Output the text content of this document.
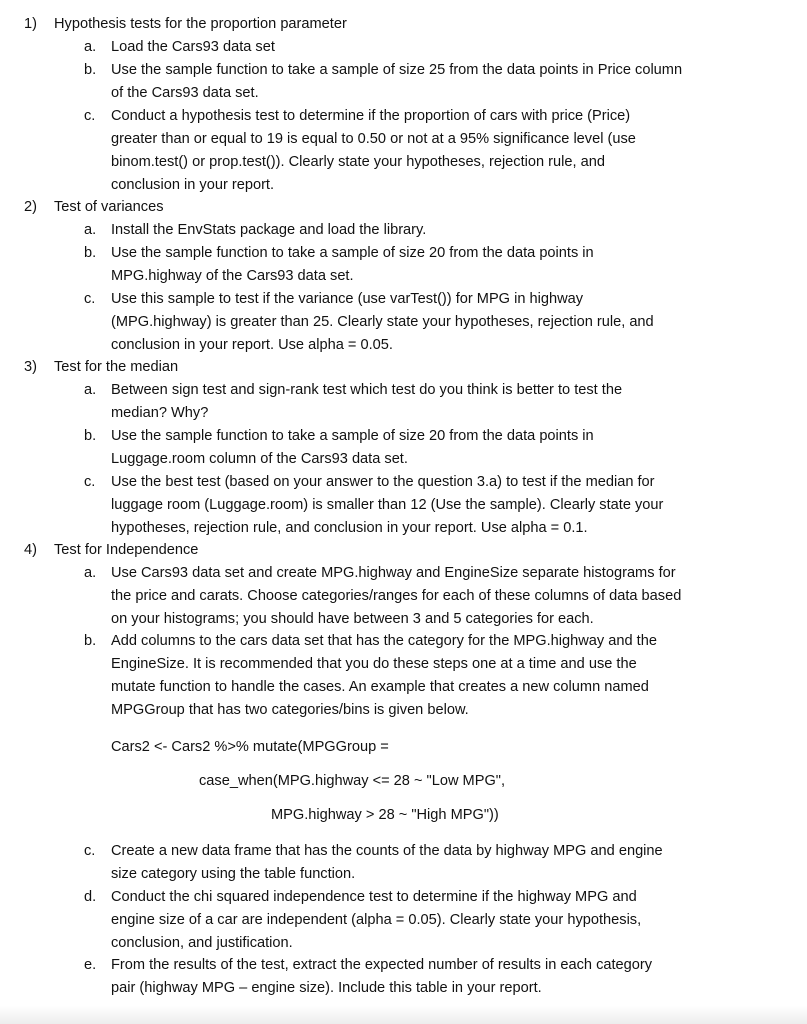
1) Hypothesis tests for the proportion parameter
a. Load the Cars93 data set
b. Use the sample function to take a sample of size 25 from the data points in Price column
of the Cars93 data set.
c. Conduct a hypothesis test to determine if the proportion of cars with price (Price)
greater than or equal to 19 is equal to 0.50 or not at a 95% significance level (use
binom.test() or prop.test()). Clearly state your hypotheses, rejection rule, and
conclusion in your report.
2) Test of variances
a. Install the EnvStats package and load the library.
b. Use the sample function to take a sample of size 20 from the data points in
MPG.highway of the Cars93 data set.
c. Use this sample to test if the variance (use varTest()) for MPG in highway
(MPG.highway) is greater than 25. Clearly state your hypotheses, rejection rule, and
conclusion in your report. Use alpha = 0.05.
3) Test for the median
a. Between sign test and sign-rank test which test do you think is better to test the
median? Why?
b. Use the sample function to take a sample of size 20 from the data points in
Luggage.room column of the Cars93 data set.
c. Use the best test (based on your answer to the question 3.a) to test if the median for
luggage room (Luggage.room) is smaller than 12 (Use the sample). Clearly state your
hypotheses, rejection rule, and conclusion in your report. Use alpha = 0.1.
4) Test for Independence
a. Use Cars93 data set and create MPG.highway and EngineSize separate histograms for
the price and carats. Choose categories/ranges for each of these columns of data based
on your histograms; you should have between 3 and 5 categories for each.
b. Add columns to the cars data set that has the category for the MPG.highway and the
EngineSize. It is recommended that you do these steps one at a time and use the
mutate function to handle the cases. An example that creates a new column named
MPGGroup that has two categories/bins is given below.
Cars2 <- Cars2 %>% mutate(MPGGroup =
case_when(MPG.highway <= 28 ~ "Low MPG",
MPG.highway > 28 ~ "High MPG"))
c. Create a new data frame that has the counts of the data by highway MPG and engine
size category using the table function.
d. Conduct the chi squared independence test to determine if the highway MPG and
engine size of a car are independent (alpha = 0.05). Clearly state your hypothesis,
conclusion, and justification.
e. From the results of the test, extract the expected number of results in each category
pair (highway MPG – engine size). Include this table in your report.
